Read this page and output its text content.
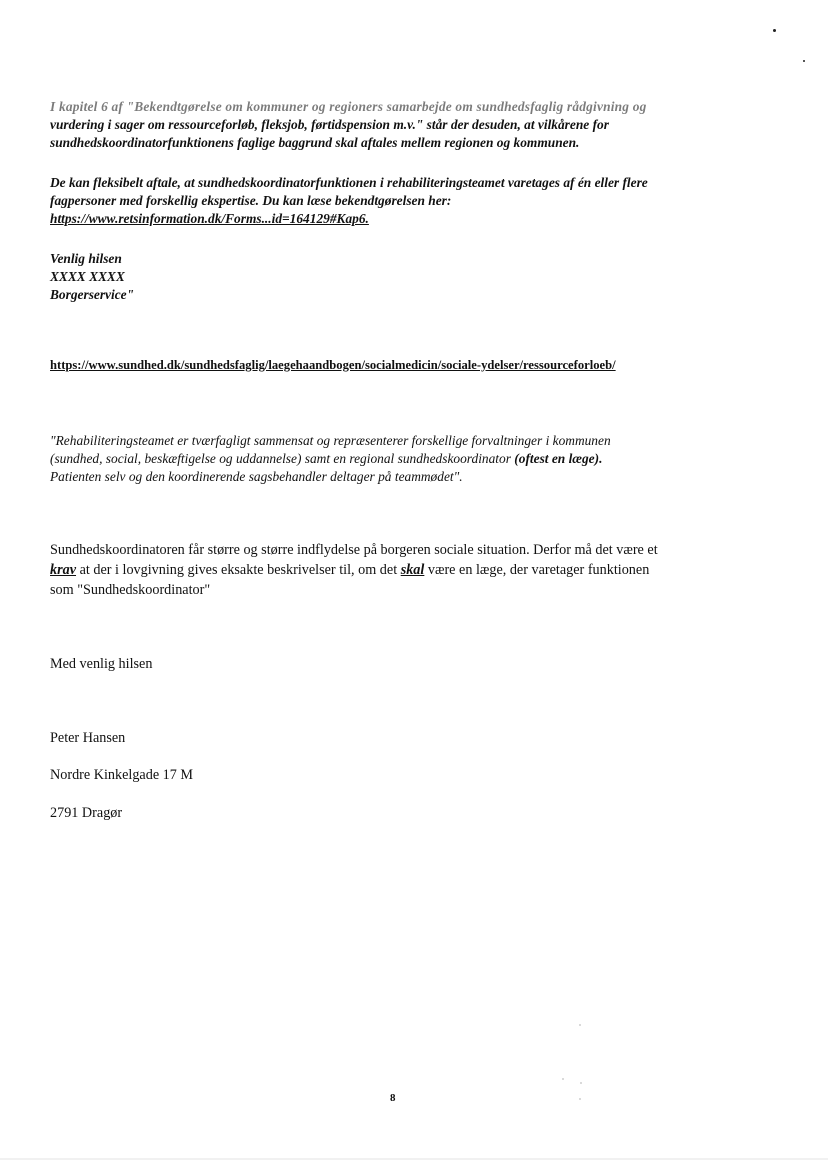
I kapitel 6 af "Bekendtgørelse om kommuner og regioners samarbejde om sundhedsfaglig rådgivning og
vurdering i sager om ressourceforløb, fleksjob, førtidspension m.v." står der desuden, at vilkårene for
sundhedskoordinatorfunktionens faglige baggrund skal aftales mellem regionen og kommunen.
De kan fleksibelt aftale, at sundhedskoordinatorfunktionen i rehabiliteringsteamet varetages af én eller flere
fagpersoner med forskellig ekspertise. Du kan læse bekendtgørelsen her:
https://www.retsinformation.dk/Forms...id=164129#Kap6.
Venlig hilsen
XXXX XXXX
Borgerservice"
https://www.sundhed.dk/sundhedsfaglig/laegehaandbogen/socialmedicin/sociale-ydelser/ressourceforloeb/
"Rehabiliteringsteamet er tværfagligt sammensat og repræsenterer forskellige forvaltninger i kommunen
(sundhed, social, beskæftigelse og uddannelse) samt en regional sundhedskoordinator (oftest en læge).
Patienten selv og den koordinerende sagsbehandler deltager på teammødet".
Sundhedskoordinatoren får større og større indflydelse på borgeren sociale situation. Derfor må det være et
krav at der i lovgivning gives eksakte beskrivelser til, om det skal være en læge, der varetager funktionen
som "Sundhedskoordinator"
Med venlig hilsen
Peter Hansen
Nordre Kinkelgade 17 M
2791 Dragør
8
